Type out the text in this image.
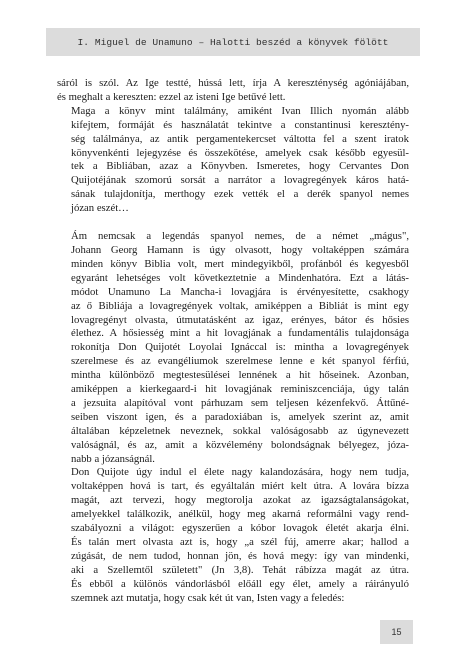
I. Miguel de Unamuno – Halotti beszéd a könyvek fölött

sáról is szól. Az Ige testté, hússá lett, írja A kereszténység agóniájában,
és meghalt a kereszten: ezzel az isteni Ige betűvé lett.

Maga a könyv mint találmány, amiként Ivan Illich nyomán alább
kifejtem, formáját és használatát tekintve a constantinusi keresztény-
ség találmánya, az antik pergamentekercset váltotta fel a szent iratok
könyvenkénti lejegyzése és összekötése, amelyek csak később egyesül-
tek a Bibliában, azaz a Könyvben. Ismeretes, hogy Cervantes Don
Quijotéjának szomorú sorsát a narrátor a lovagregények káros hatá-
sának tulajdonítja, merthogy ezek vették el a derék spanyol nemes
józan eszét…

Ám nemcsak a legendás spanyol nemes, de a német „mágus",
Johann Georg Hamann is úgy olvasott, hogy voltaképpen számára
minden könyv Biblia volt, mert mindegyikből, profánból és kegyesből
egyaránt lehetséges volt következtetnie a Mindenhatóra. Ezt a látás-
módot Unamuno La Mancha-i lovagjára is érvényesítette, csakhogy
az ő Bibliája a lovagregények voltak, amiképpen a Bibliát is mint egy
lovagregényt olvasta, útmutatásként az igaz, erényes, bátor és hősies
élethez. A hősiesség mint a hit lovagjának a fundamentális tulajdonsága
rokonítja Don Quijotét Loyolai Ignáccal is: mintha a lovagregények
szerelmese és az evangéliumok szerelmese lenne e két spanyol férfiú,
mintha különböző megtestesülései lennének a hit hőseinek. Azonban,
amiképpen a kierkegaard-i hit lovagjának reminiszcenciája, úgy talán
a jezsuita alapítóval vont párhuzam sem teljesen kézenfekvő. Áttűné-
seiben viszont igen, és a paradoxiában is, amelyek szerint az, amit
általában képzeletnek neveznek, sokkal valóságosabb az úgynevezett
valóságnál, és az, amit a közvélemény bolondságnak bélyegez, józa-
nabb a józanságnál.

Don Quijote úgy indul el élete nagy kalandozására, hogy nem tudja,
voltaképpen hová is tart, és egyáltalán miért kelt útra. A lovára bízza
magát, azt tervezi, hogy megtorolja azokat az igazságtalanságokat,
amelyekkel találkozik, anélkül, hogy meg akarná reformálni vagy rend-
szabályozni a világot: egyszerűen a kóbor lovagok életét akarja élni.
És talán mert olvasta azt is, hogy „a szél fúj, amerre akar; hallod a
zúgását, de nem tudod, honnan jön, és hová megy: így van mindenki,
aki a Szellemtől született" (Jn 3,8). Tehát rábízza magát az útra.
És ebből a különös vándorlásból előáll egy élet, amely a ráirányuló
szemnek azt mutatja, hogy csak két út van, Isten vagy a feledés:

15
